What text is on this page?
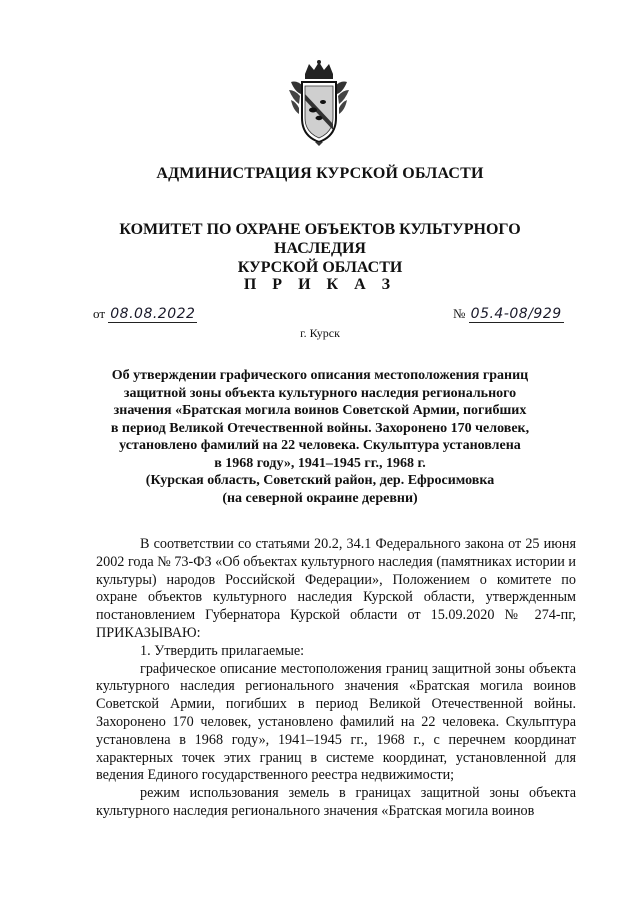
АДМИНИСТРАЦИЯ КУРСКОЙ ОБЛАСТИ
КОМИТЕТ ПО ОХРАНЕ ОБЪЕКТОВ КУЛЬТУРНОГО НАСЛЕДИЯ
КУРСКОЙ ОБЛАСТИ
П Р И К А З
от 08.08.2022	№ 05.4-08/929
г. Курск
Об утверждении графического описания местоположения границ
защитной зоны объекта культурного наследия регионального
значения «Братская могила воинов Советской Армии, погибших
в период Великой Отечественной войны. Захоронено 170 человек,
установлено фамилий на 22 человека. Скульптура установлена
в 1968 году», 1941–1945 гг., 1968 г.
(Курская область, Советский район, дер. Ефросимовка
(на северной окраине деревни)

В соответствии со статьями 20.2, 34.1 Федерального закона от 25 июня 2002 года № 73-ФЗ «Об объектах культурного наследия (памятниках истории и культуры) народов Российской Федерации», Положением о комитете по охране объектов культурного наследия Курской области, утвержденным постановлением Губернатора Курской области от 15.09.2020 № 274-пг, ПРИКАЗЫВАЮ:

1. Утвердить прилагаемые:

графическое описание местоположения границ защитной зоны объекта культурного наследия регионального значения «Братская могила воинов Советской Армии, погибших в период Великой Отечественной войны. Захоронено 170 человек, установлено фамилий на 22 человека. Скульптура установлена в 1968 году», 1941–1945 гг., 1968 г., с перечнем координат характерных точек этих границ в системе координат, установленной для ведения Единого государственного реестра недвижимости;

режим использования земель в границах защитной зоны объекта культурного наследия регионального значения «Братская могила воинов
